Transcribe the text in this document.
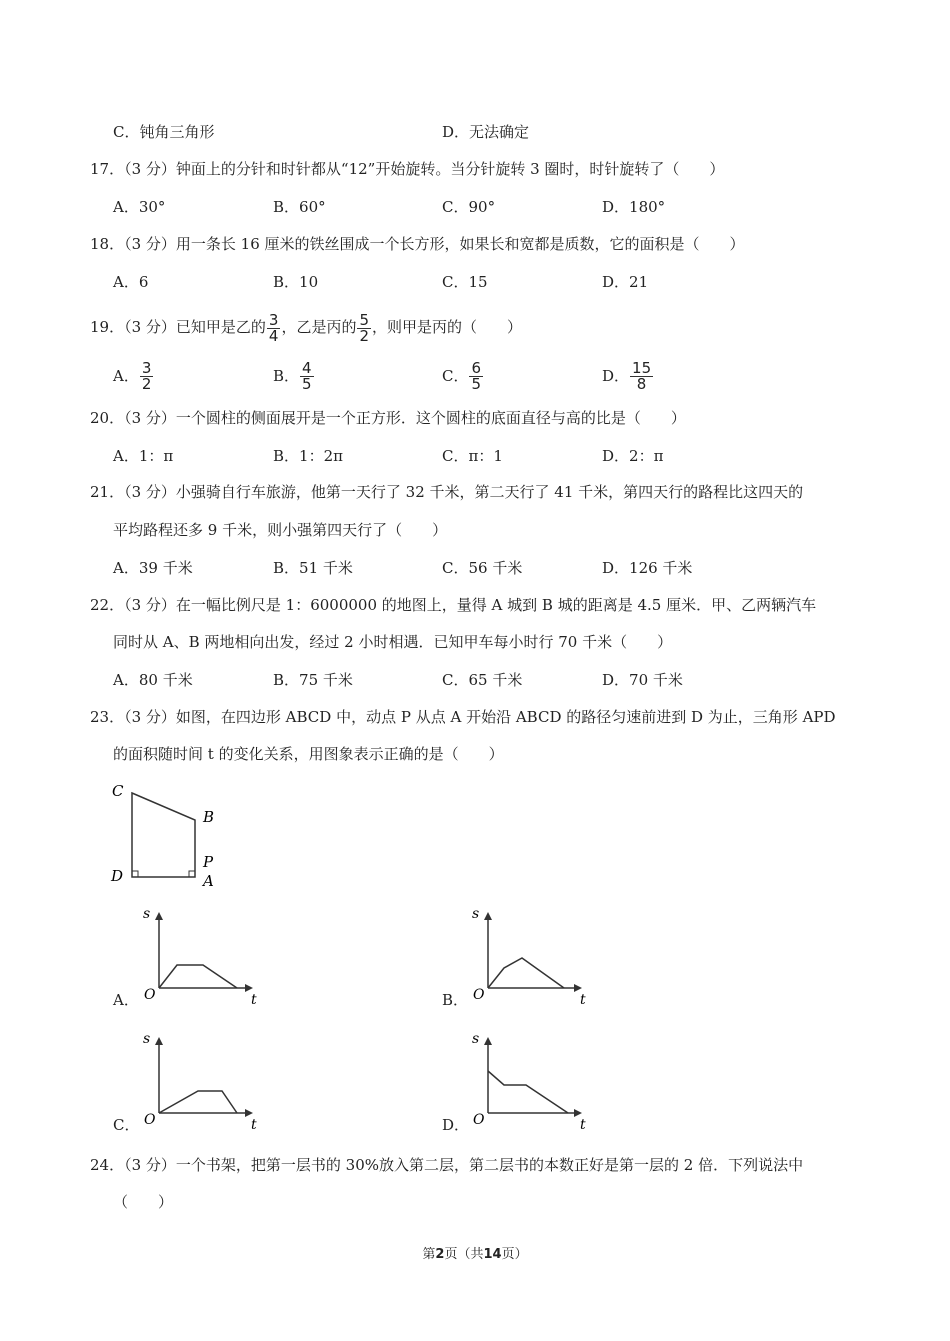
C．钝角三角形	D．无法确定
17．（3 分）钟面上的分针和时针都从“12”开始旋转。当分针旋转 3 圈时，时针旋转了（　　）
A．30°	B．60°	C．90°	D．180°
18．（3 分）用一条长 16 厘米的铁丝围成一个长方形，如果长和宽都是质数，它的面积是（　　）
A．6	B．10	C．15	D．21
19．（3 分）已知甲是乙的 $\frac{3}{4}$ ，乙是丙的 $\frac{5}{2}$ ，则甲是丙的（　　）
A． $\frac{3}{2}$	B． $\frac{4}{5}$	C． $\frac{6}{5}$	D． $\frac{15}{8}$
20．（3 分）一个圆柱的侧面展开是一个正方形．这个圆柱的底面直径与高的比是（　　）
A．1：π	B．1：2π	C．π：1	D．2：π
21．（3 分）小强骑自行车旅游，他第一天行了 32 千米，第二天行了 41 千米，第四天行的路程比这四天的
平均路程还多 9 千米，则小强第四天行了（　　）
A．39 千米	B．51 千米	C．56 千米	D．126 千米
22．（3 分）在一幅比例尺是 1：6000000 的地图上，量得 A 城到 B 城的距离是 4.5 厘米．甲、乙两辆汽车
同时从 A、B 两地相向出发，经过 2 小时相遇．已知甲车每小时行 70 千米（　　）
A．80 千米	B．75 千米	C．65 千米	D．70 千米
23．（3 分）如图，在四边形 ABCD 中，动点 P 从点 A 开始沿 ABCD 的路径匀速前进到 D 为止，三角形 APD
的面积随时间 t 的变化关系，用图象表示正确的是（　　）
C
B
P
D	A
A．
s
t
O	B．
s
t
O
C．
s
t
O	D．
s
t
O
24．（3 分）一个书架，把第一层书的 30%放入第二层，第二层书的本数正好是第一层的 2 倍．下列说法中
（　　）
第2页（共14页）
